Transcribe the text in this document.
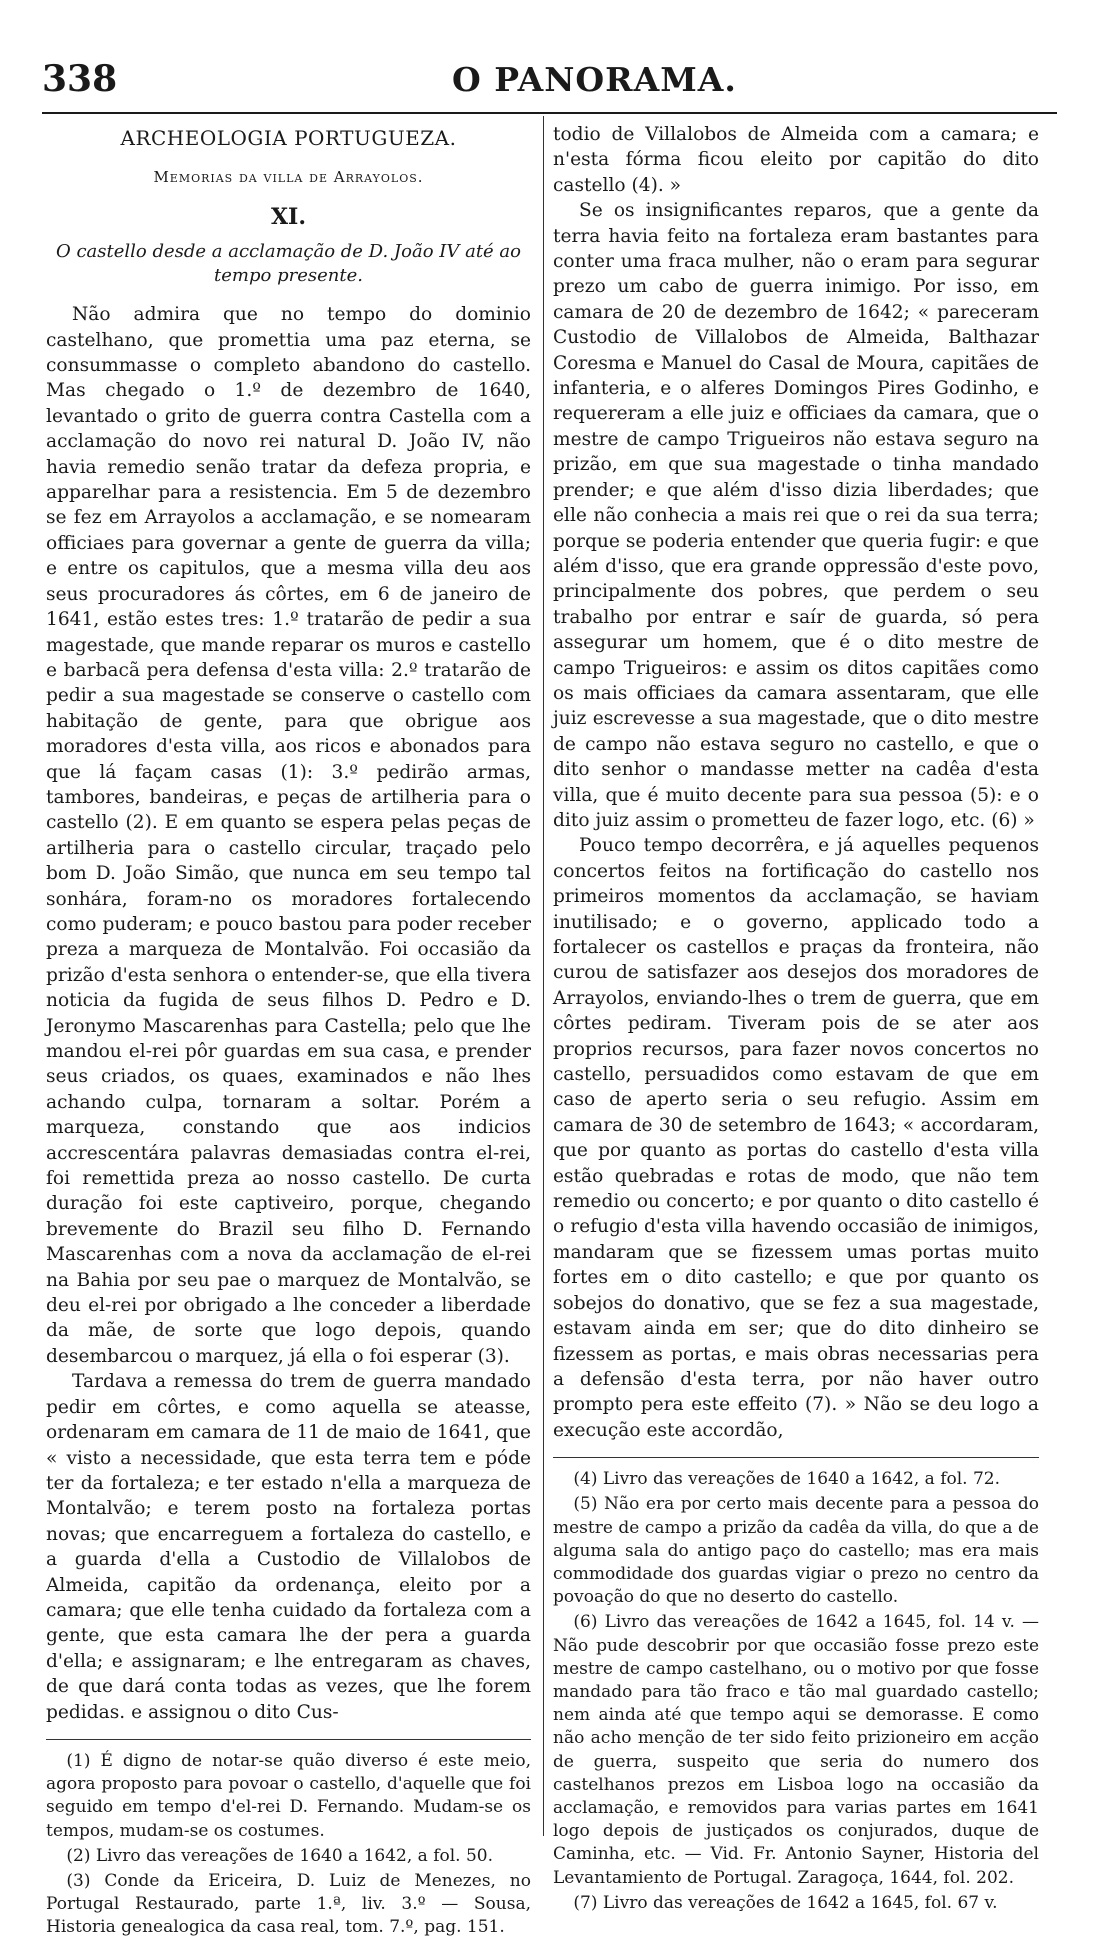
338	O PANORAMA.
ARCHEOLOGIA PORTUGUEZA.
Memorias da villa de Arrayolos.
XI.
O castello desde a acclamação de D. João IV até ao tempo presente.

Não admira que no tempo do dominio castelhano, que promettia uma paz eterna, se consummasse o completo abandono do castello. Mas chegado o 1.º de dezembro de 1640, levantado o grito de guerra contra Castella com a acclamação do novo rei natural D. João IV, não havia remedio senão tratar da defeza propria, e apparelhar para a resistencia. Em 5 de dezembro se fez em Arrayolos a acclamação, e se nomearam officiaes para governar a gente de guerra da villa; e entre os capitulos, que a mesma villa deu aos seus procuradores ás côrtes, em 6 de janeiro de 1641, estão estes tres: 1.º tratarão de pedir a sua magestade, que mande reparar os muros e castello e barbacã pera defensa d'esta villa: 2.º tratarão de pedir a sua magestade se conserve o castello com habitação de gente, para que obrigue aos moradores d'esta villa, aos ricos e abonados para que lá façam casas (1): 3.º pedirão armas, tambores, bandeiras, e peças de artilheria para o castello (2). E em quanto se espera pelas peças de artilheria para o castello circular, traçado pelo bom D. João Simão, que nunca em seu tempo tal sonhára, foram-no os moradores fortalecendo como puderam; e pouco bastou para poder receber preza a marqueza de Montalvão. Foi occasião da prizão d'esta senhora o entender-se, que ella tivera noticia da fugida de seus filhos D. Pedro e D. Jeronymo Mascarenhas para Castella; pelo que lhe mandou el-rei pôr guardas em sua casa, e prender seus criados, os quaes, examinados e não lhes achando culpa, tornaram a soltar. Porém a marqueza, constando que aos indicios accrescentára palavras demasiadas contra el-rei, foi remettida preza ao nosso castello. De curta duração foi este captiveiro, porque, chegando brevemente do Brazil seu filho D. Fernando Mascarenhas com a nova da acclamação de el-rei na Bahia por seu pae o marquez de Montalvão, se deu el-rei por obrigado a lhe conceder a liberdade da mãe, de sorte que logo depois, quando desembarcou o marquez, já ella o foi esperar (3).

Tardava a remessa do trem de guerra mandado pedir em côrtes, e como aquella se ateasse, ordenaram em camara de 11 de maio de 1641, que « visto a necessidade, que esta terra tem e póde ter da fortaleza; e ter estado n'ella a marqueza de Montalvão; e terem posto na fortaleza portas novas; que encarreguem a fortaleza do castello, e a guarda d'ella a Custodio de Villalobos de Almeida, capitão da ordenança, eleito por a camara; que elle tenha cuidado da fortaleza com a gente, que esta camara lhe der pera a guarda d'ella; e assignaram; e lhe entregaram as chaves, de que dará conta todas as vezes, que lhe forem pedidas. e assignou o dito Cus-

(1) É digno de notar-se quão diverso é este meio, agora proposto para povoar o castello, d'aquelle que foi seguido em tempo d'el-rei D. Fernando. Mudam-se os tempos, mudam-se os costumes.

(2) Livro das vereações de 1640 a 1642, a fol. 50.

(3) Conde da Ericeira, D. Luiz de Menezes, no Portugal Restaurado, parte 1.ª, liv. 3.º — Sousa, Historia genealogica da casa real, tom. 7.º, pag. 151.

todio de Villalobos de Almeida com a camara; e n'esta fórma ficou eleito por capitão do dito castello (4). »

Se os insignificantes reparos, que a gente da terra havia feito na fortaleza eram bastantes para conter uma fraca mulher, não o eram para segurar prezo um cabo de guerra inimigo. Por isso, em camara de 20 de dezembro de 1642; « pareceram Custodio de Villalobos de Almeida, Balthazar Coresma e Manuel do Casal de Moura, capitães de infanteria, e o alferes Domingos Pires Godinho, e requereram a elle juiz e officiaes da camara, que o mestre de campo Trigueiros não estava seguro na prizão, em que sua magestade o tinha mandado prender; e que além d'isso dizia liberdades; que elle não conhecia a mais rei que o rei da sua terra; porque se poderia entender que queria fugir: e que além d'isso, que era grande oppressão d'este povo, principalmente dos pobres, que perdem o seu trabalho por entrar e saír de guarda, só pera assegurar um homem, que é o dito mestre de campo Trigueiros: e assim os ditos capitães como os mais officiaes da camara assentaram, que elle juiz escrevesse a sua magestade, que o dito mestre de campo não estava seguro no castello, e que o dito senhor o mandasse metter na cadêa d'esta villa, que é muito decente para sua pessoa (5): e o dito juiz assim o prometteu de fazer logo, etc. (6) »

Pouco tempo decorrêra, e já aquelles pequenos concertos feitos na fortificação do castello nos primeiros momentos da acclamação, se haviam inutilisado; e o governo, applicado todo a fortalecer os castellos e praças da fronteira, não curou de satisfazer aos desejos dos moradores de Arrayolos, enviando-lhes o trem de guerra, que em côrtes pediram. Tiveram pois de se ater aos proprios recursos, para fazer novos concertos no castello, persuadidos como estavam de que em caso de aperto seria o seu refugio. Assim em camara de 30 de setembro de 1643; « accordaram, que por quanto as portas do castello d'esta villa estão quebradas e rotas de modo, que não tem remedio ou concerto; e por quanto o dito castello é o refugio d'esta villa havendo occasião de inimigos, mandaram que se fizessem umas portas muito fortes em o dito castello; e que por quanto os sobejos do donativo, que se fez a sua magestade, estavam ainda em ser; que do dito dinheiro se fizessem as portas, e mais obras necessarias pera a defensão d'esta terra, por não haver outro prompto pera este effeito (7). » Não se deu logo a execução este accordão,

(4) Livro das vereações de 1640 a 1642, a fol. 72.

(5) Não era por certo mais decente para a pessoa do mestre de campo a prizão da cadêa da villa, do que a de alguma sala do antigo paço do castello; mas era mais commodidade dos guardas vigiar o prezo no centro da povoação do que no deserto do castello.

(6) Livro das vereações de 1642 a 1645, fol. 14 v. — Não pude descobrir por que occasião fosse prezo este mestre de campo castelhano, ou o motivo por que fosse mandado para tão fraco e tão mal guardado castello; nem ainda até que tempo aqui se demorasse. E como não acho menção de ter sido feito prizioneiro em acção de guerra, suspeito que seria do numero dos castelhanos prezos em Lisboa logo na occasião da acclamação, e removidos para varias partes em 1641 logo depois de justiçados os conjurados, duque de Caminha, etc. — Vid. Fr. Antonio Sayner, Historia del Levantamiento de Portugal. Zaragoça, 1644, fol. 202.

(7) Livro das vereações de 1642 a 1645, fol. 67 v.
